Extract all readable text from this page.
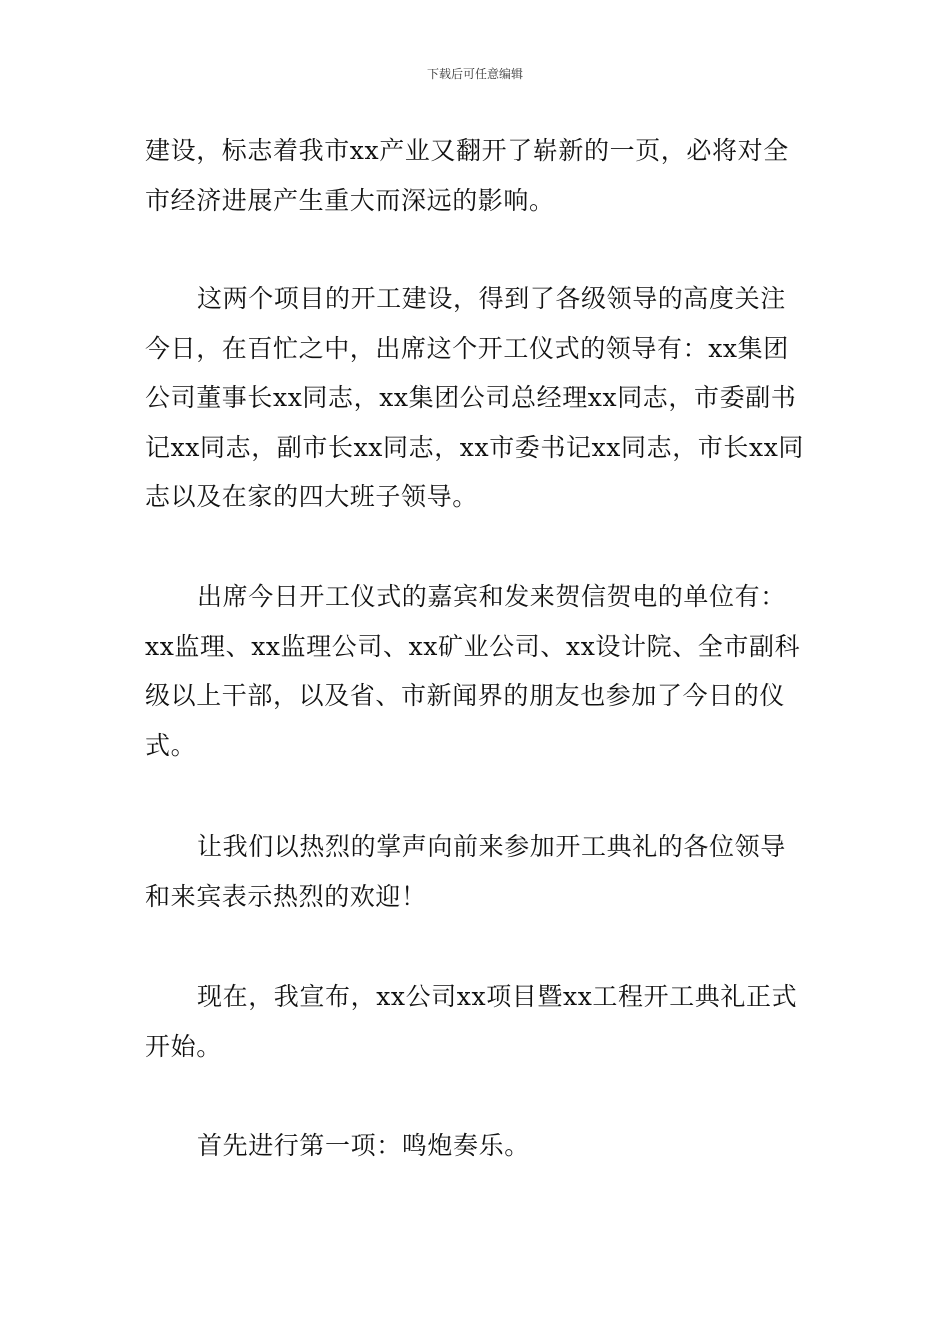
下载后可任意编辑

建设，标志着我市xx产业又翻开了崭新的一页，必将对全市经济进展产生重大而深远的影响。

这两个项目的开工建设，得到了各级领导的高度关注今日，在百忙之中，出席这个开工仪式的领导有：xx集团公司董事长xx同志，xx集团公司总经理xx同志，市委副书记xx同志，副市长xx同志，xx市委书记xx同志，市长xx同志以及在家的四大班子领导。

出席今日开工仪式的嘉宾和发来贺信贺电的单位有：xx监理、xx监理公司、xx矿业公司、xx设计院、全市副科级以上干部，以及省、市新闻界的朋友也参加了今日的仪式。

让我们以热烈的掌声向前来参加开工典礼的各位领导和来宾表示热烈的欢迎！

现在，我宣布，xx公司xx项目暨xx工程开工典礼正式开始。

首先进行第一项：鸣炮奏乐。
